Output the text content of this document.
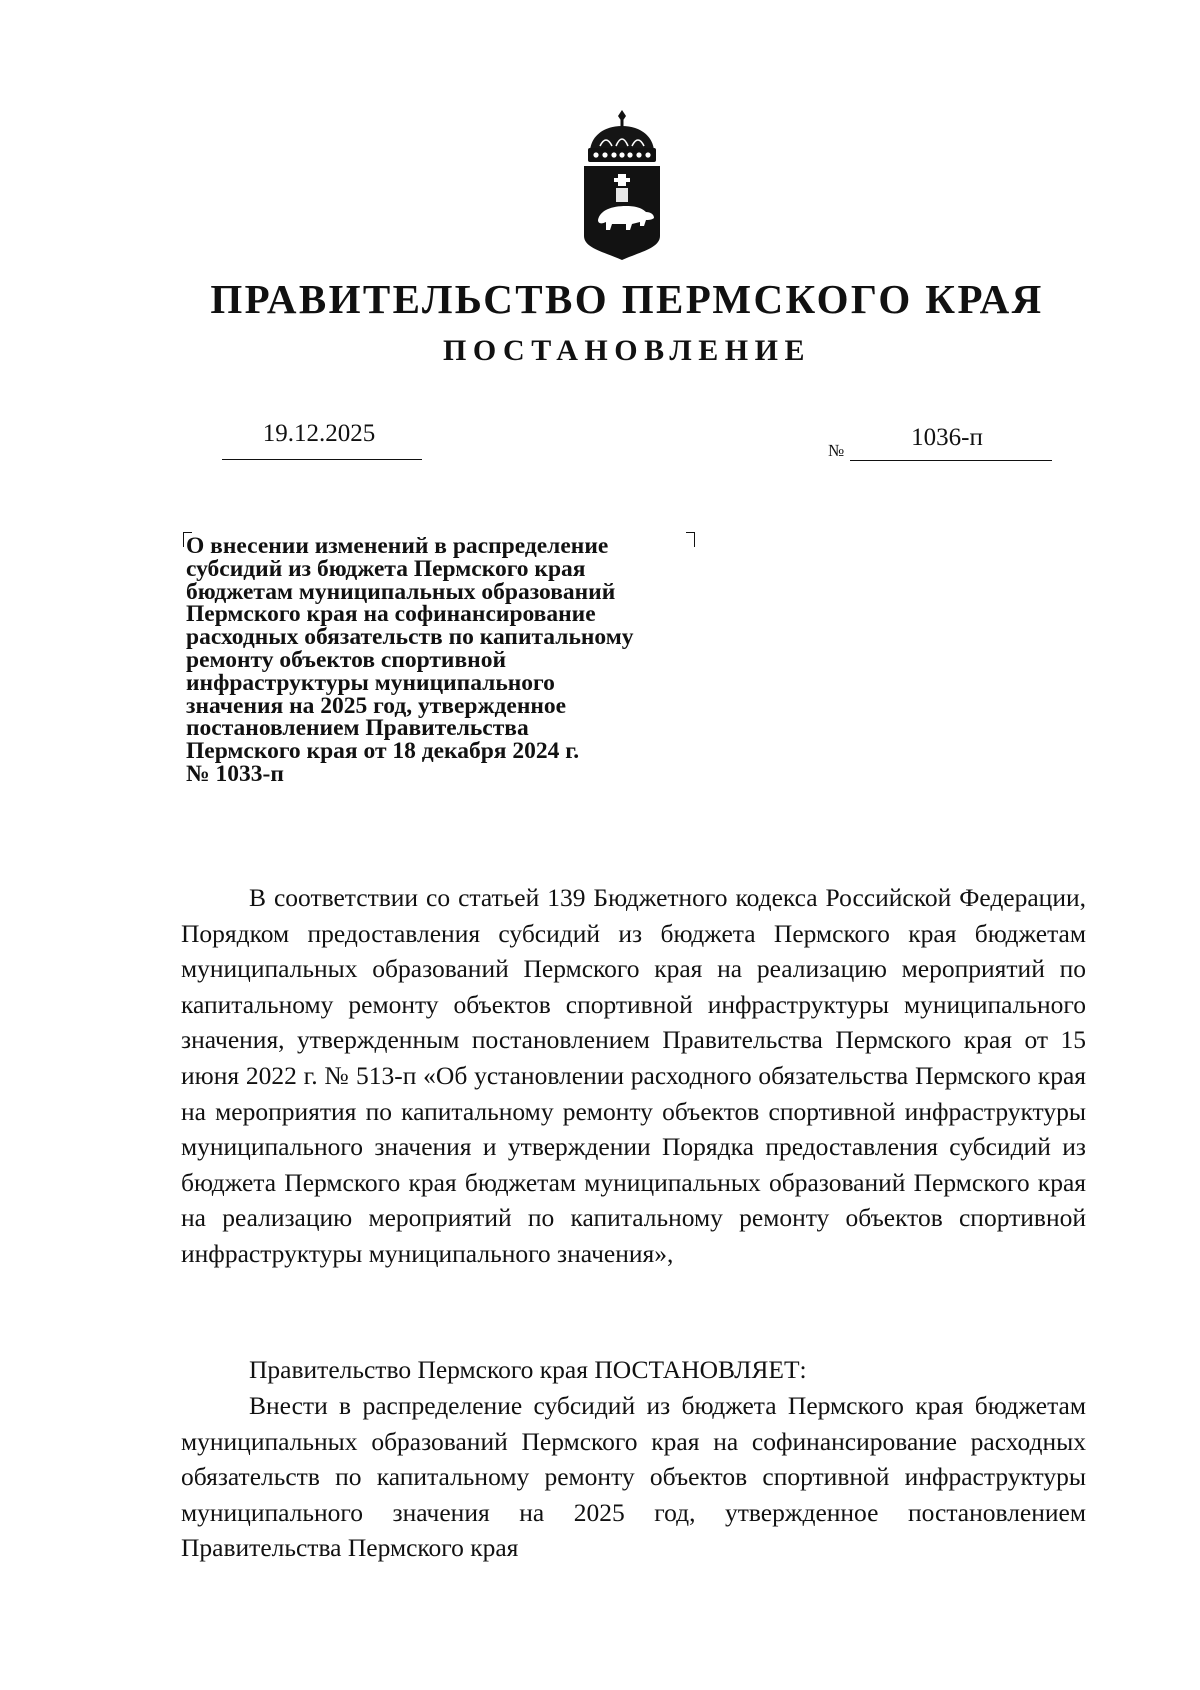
ПРАВИТЕЛЬСТВО ПЕРМСКОГО КРАЯ
ПОСТАНОВЛЕНИЕ
19.12.2025
№	1036-п
О внесении изменений в распределение
субсидий из бюджета Пермского края
бюджетам муниципальных образований
Пермского края на софинансирование
расходных обязательств по капитальному
ремонту объектов спортивной
инфраструктуры муниципального
значения на 2025 год, утвержденное
постановлением Правительства
Пермского края от 18 декабря 2024 г.
№ 1033-п
В соответствии со статьей 139 Бюджетного кодекса Российской Федерации, Порядком предоставления субсидий из бюджета Пермского края бюджетам муниципальных образований Пермского края на реализацию мероприятий по капитальному ремонту объектов спортивной инфраструктуры муниципального значения, утвержденным постановлением Правительства Пермского края от 15 июня 2022 г. № 513-п «Об установлении расходного обязательства Пермского края на мероприятия по капитальному ремонту объектов спортивной инфраструктуры муниципального значения и утверждении Порядка предоставления субсидий из бюджета Пермского края бюджетам муниципальных образований Пермского края на реализацию мероприятий по капитальному ремонту объектов спортивной инфраструктуры муниципального значения»,
Правительство Пермского края ПОСТАНОВЛЯЕТ:
Внести в распределение субсидий из бюджета Пермского края бюджетам муниципальных образований Пермского края на софинансирование расходных обязательств по капитальному ремонту объектов спортивной инфраструктуры муниципального значения на 2025 год, утвержденное постановлением Правительства Пермского края
